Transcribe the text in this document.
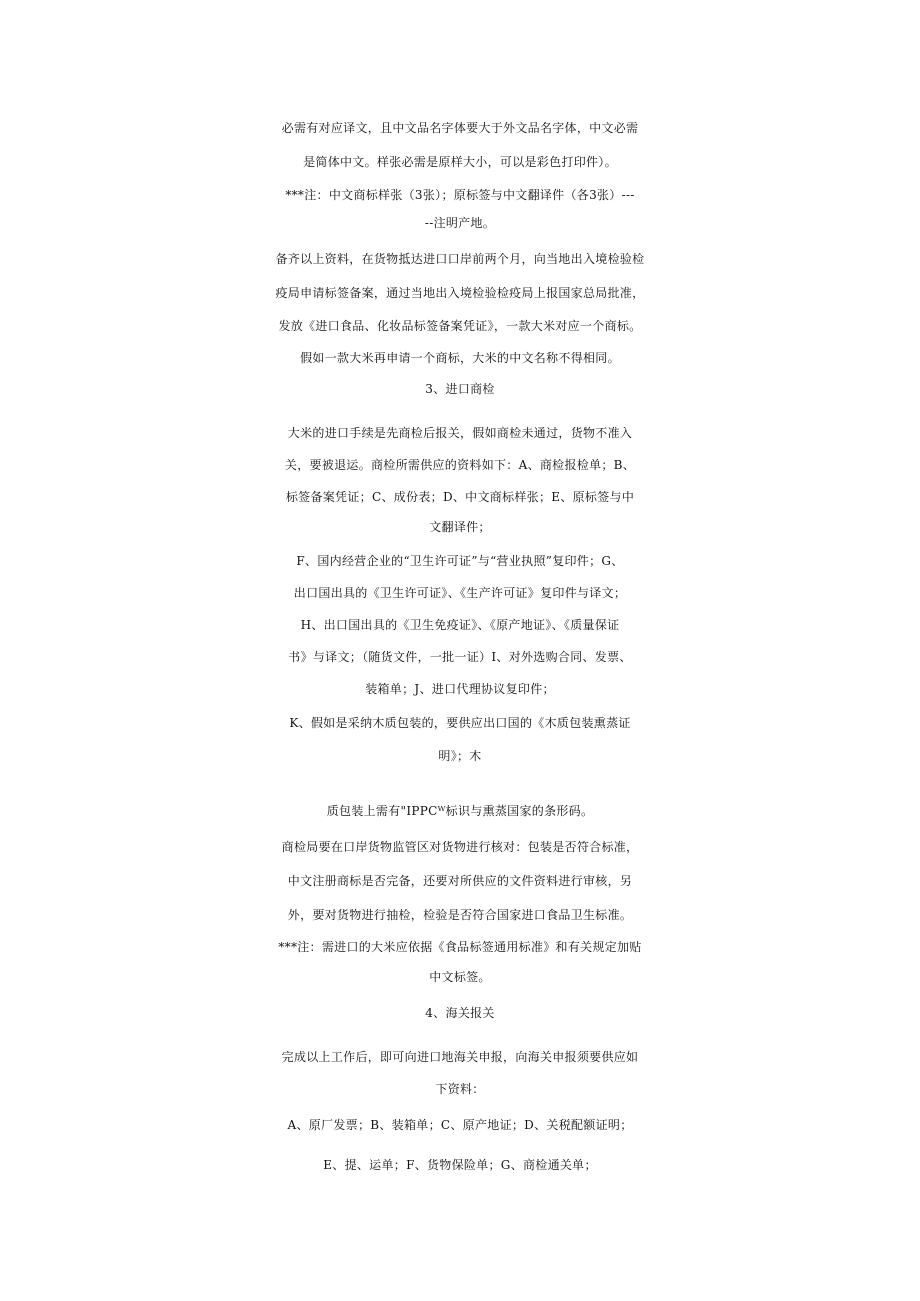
必需有对应译文，且中文品名字体要大于外文品名字体，中文必需
是简体中文。样张必需是原样大小，可以是彩色打印件）。
***注：中文商标样张（3张）；原标签与中文翻译件（各3张）---
--注明产地。
备齐以上资料，在货物抵达进口口岸前两个月，向当地出入境检验检
疫局申请标签备案，通过当地出入境检验检疫局上报国家总局批准，
发放《进口食品、化妆品标签备案凭证》，一款大米对应一个商标。
假如一款大米再申请一个商标，大米的中文名称不得相同。
3、进口商检
大米的进口手续是先商检后报关，假如商检未通过，货物不准入
关，要被退运。商检所需供应的资料如下：A、商检报检单；B、
标签备案凭证；C、成份表；D、中文商标样张；E、原标签与中
文翻译件；
F、国内经营企业的“卫生许可证”与“营业执照”复印件；G、
出口国出具的《卫生许可证》、《生产许可证》复印件与译文；
H、出口国出具的《卫生免疫证》、《原产地证》、《质量保证
书》与译文；（随货文件，一批一证）I、对外选购合同、发票、
装箱单；J、进口代理协议复印件；
K、假如是采纳木质包装的，要供应出口国的《木质包装熏蒸证
明》；木
质包装上需有"IPPCᵂ标识与熏蒸国家的条形码。
商检局要在口岸货物监管区对货物进行核对：包装是否符合标准，
中文注册商标是否完备，还要对所供应的文件资料进行审核，另
外，要对货物进行抽检，检验是否符合国家进口食品卫生标准。
***注：需进口的大米应依据《食品标签通用标准》和有关规定加贴
中文标签。
4、海关报关
完成以上工作后，即可向进口地海关申报，向海关申报须要供应如
下资料：
A、原厂发票；B、装箱单；C、原产地证；D、关税配额证明；
E、提、运单；F、货物保险单；G、商检通关单；
